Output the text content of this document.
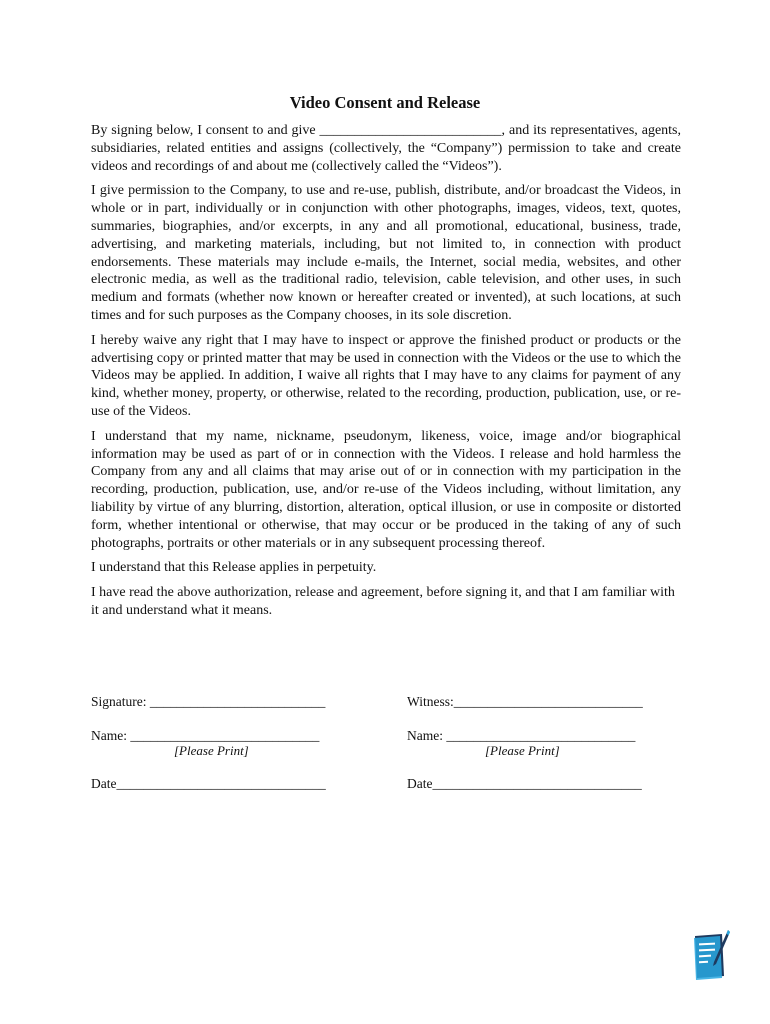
Video Consent and Release

By signing below, I consent to and give __________________________, and its representatives, agents, subsidiaries, related entities and assigns (collectively, the “Company”) permission to take and create videos and recordings of and about me (collectively called the “Videos”).

I give permission to the Company, to use and re-use, publish, distribute, and/or broadcast the Videos, in whole or in part, individually or in conjunction with other photographs, images, videos, text, quotes, summaries, biographies, and/or excerpts, in any and all promotional, educational, business, trade, advertising, and marketing materials, including, but not limited to, in connection with product endorsements. These materials may include e-mails, the Internet, social media, websites, and other electronic media, as well as the traditional radio, television, cable television, and other uses, in such medium and formats (whether now known or hereafter created or invented), at such locations, at such times and for such purposes as the Company chooses, in its sole discretion.

I hereby waive any right that I may have to inspect or approve the finished product or products or the advertising copy or printed matter that may be used in connection with the Videos or the use to which the Videos may be applied. In addition, I waive all rights that I may have to any claims for payment of any kind, whether money, property, or otherwise, related to the recording, production, publication, use, or re-use of the Videos.

I understand that my name, nickname, pseudonym, likeness, voice, image and/or biographical information may be used as part of or in connection with the Videos. I release and hold harmless the Company from any and all claims that may arise out of or in connection with my participation in the recording, production, publication, use, and/or re-use of the Videos including, without limitation, any liability by virtue of any blurring, distortion, alteration, optical illusion, or use in composite or distorted form, whether intentional or otherwise, that may occur or be produced in the taking of any of such photographs, portraits or other materials or in any subsequent processing thereof.

I understand that this Release applies in perpetuity.

I have read the above authorization, release and agreement, before signing it, and that I am familiar with it and understand what it means.

Signature: __________________________
Name: ____________________________
[Please Print]
Date_______________________________
Witness:____________________________
Name: ____________________________
[Please Print]
Date_______________________________
